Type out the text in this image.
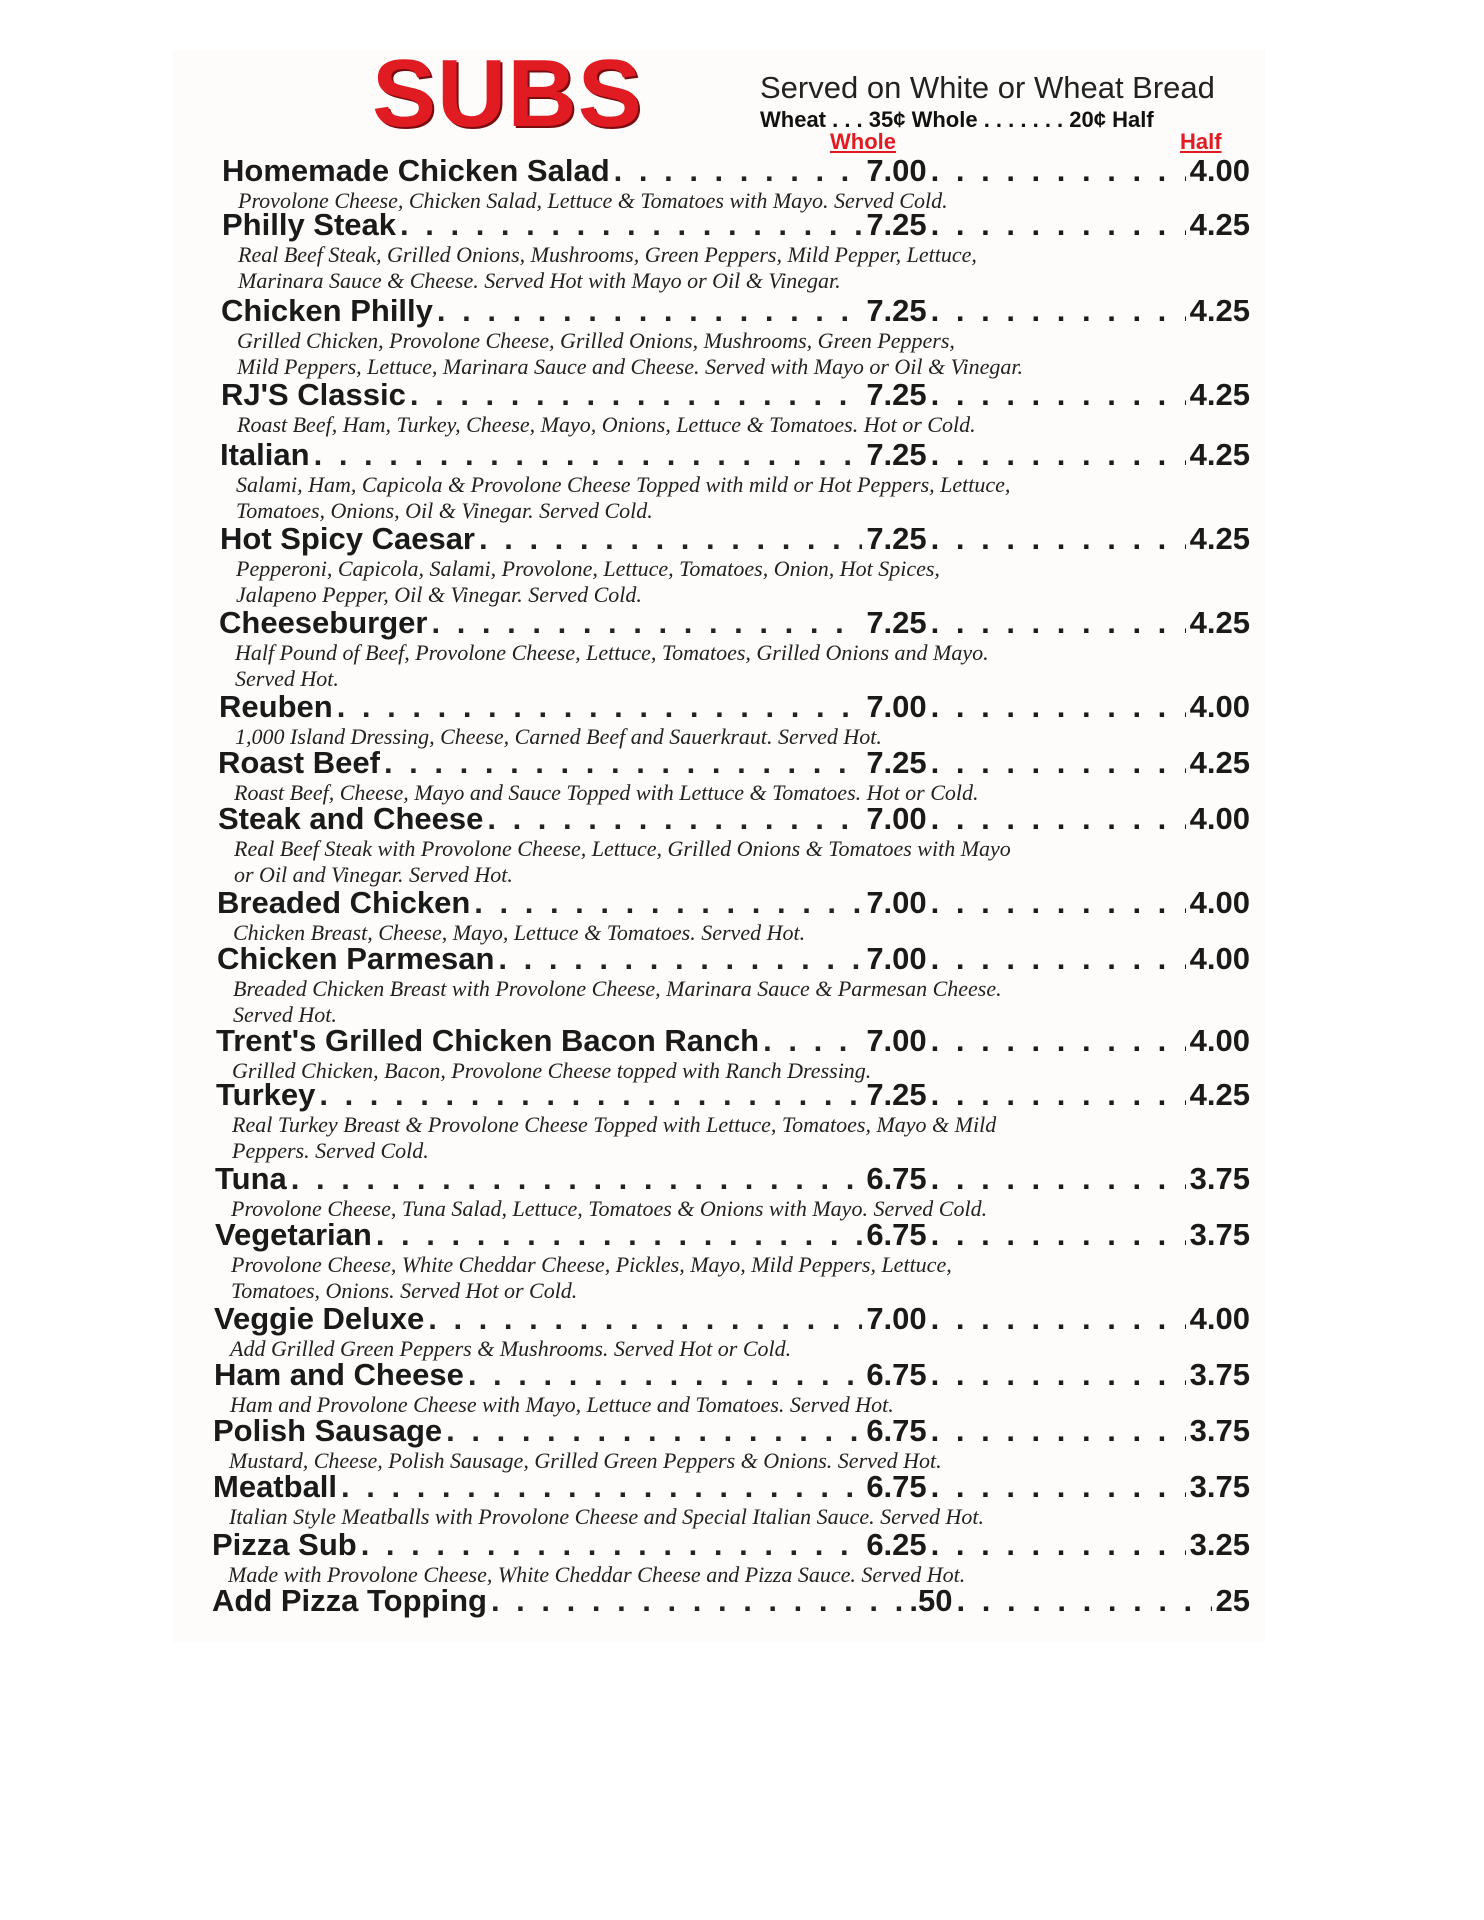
SUBS	Served on White or Wheat Bread
Wheat . . . 35¢ Whole . . . . . . . 20¢ Half
Whole	Half
Homemade Chicken Salad . . .	7.00 . . .	4.00
Provolone Cheese, Chicken Salad, Lettuce & Tomatoes with Mayo. Served Cold.
Philly Steak . . .	7.25 . . .	4.25
Real Beef Steak, Grilled Onions, Mushrooms, Green Peppers, Mild Pepper, Lettuce,
Marinara Sauce & Cheese. Served Hot with Mayo or Oil & Vinegar.
Chicken Philly . . .	7.25 . . .	4.25
Grilled Chicken, Provolone Cheese, Grilled Onions, Mushrooms, Green Peppers,
Mild Peppers, Lettuce, Marinara Sauce and Cheese. Served with Mayo or Oil & Vinegar.
RJ'S Classic . . .	7.25 . . .	4.25
Roast Beef, Ham, Turkey, Cheese, Mayo, Onions, Lettuce & Tomatoes. Hot or Cold.
Italian . . .	7.25 . . .	4.25
Salami, Ham, Capicola & Provolone Cheese Topped with mild or Hot Peppers, Lettuce,
Tomatoes, Onions, Oil & Vinegar. Served Cold.
Hot Spicy Caesar . . .	7.25 . . .	4.25
Pepperoni, Capicola, Salami, Provolone, Lettuce, Tomatoes, Onion, Hot Spices,
Jalapeno Pepper, Oil & Vinegar. Served Cold.
Cheeseburger . . .	7.25 . . .	4.25
Half Pound of Beef, Provolone Cheese, Lettuce, Tomatoes, Grilled Onions and Mayo.
Served Hot.
Reuben . . .	7.00 . . .	4.00
1,000 Island Dressing, Cheese, Carned Beef and Sauerkraut. Served Hot.
Roast Beef . . .	7.25 . . .	4.25
Roast Beef, Cheese, Mayo and Sauce Topped with Lettuce & Tomatoes. Hot or Cold.
Steak and Cheese . . .	7.00 . . .	4.00
Real Beef Steak with Provolone Cheese, Lettuce, Grilled Onions & Tomatoes with Mayo
or Oil and Vinegar. Served Hot.
Breaded Chicken . . .	7.00 . . .	4.00
Chicken Breast, Cheese, Mayo, Lettuce & Tomatoes. Served Hot.
Chicken Parmesan . . .	7.00 . . .	4.00
Breaded Chicken Breast with Provolone Cheese, Marinara Sauce & Parmesan Cheese.
Served Hot.
Trent's Grilled Chicken Bacon Ranch . . .	7.00 . . .	4.00
Grilled Chicken, Bacon, Provolone Cheese topped with Ranch Dressing.
Turkey . . .	7.25 . . .	4.25
Real Turkey Breast & Provolone Cheese Topped with Lettuce, Tomatoes, Mayo & Mild
Peppers. Served Cold.
Tuna . . .	6.75 . . .	3.75
Provolone Cheese, Tuna Salad, Lettuce, Tomatoes & Onions with Mayo. Served Cold.
Vegetarian . . .	6.75 . . .	3.75
Provolone Cheese, White Cheddar Cheese, Pickles, Mayo, Mild Peppers, Lettuce,
Tomatoes, Onions. Served Hot or Cold.
Veggie Deluxe . . .	7.00 . . .	4.00
Add Grilled Green Peppers & Mushrooms. Served Hot or Cold.
Ham and Cheese . . .	6.75 . . .	3.75
Ham and Provolone Cheese with Mayo, Lettuce and Tomatoes. Served Hot.
Polish Sausage . . .	6.75 . . .	3.75
Mustard, Cheese, Polish Sausage, Grilled Green Peppers & Onions. Served Hot.
Meatball . . .	6.75 . . .	3.75
Italian Style Meatballs with Provolone Cheese and Special Italian Sauce. Served Hot.
Pizza Sub . . .	6.25 . . .	3.25
Made with Provolone Cheese, White Cheddar Cheese and Pizza Sauce. Served Hot.
Add Pizza Topping . . .	.50 . . .	25
